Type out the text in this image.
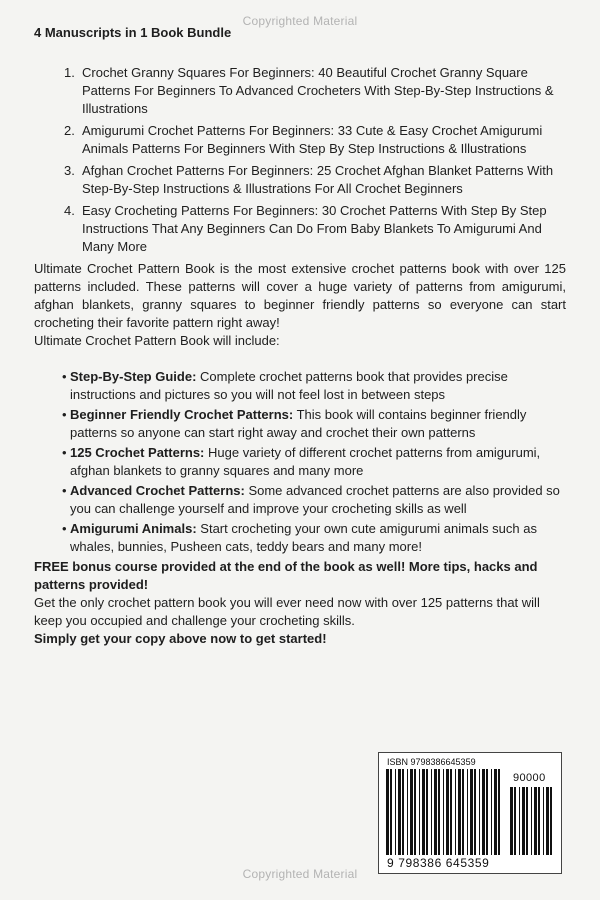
Copyrighted Material

4 Manuscripts in 1 Book Bundle

1. Crochet Granny Squares For Beginners: 40 Beautiful Crochet Granny Square Patterns For Beginners To Advanced Crocheters With Step-By-Step Instructions & Illustrations
2. Amigurumi Crochet Patterns For Beginners: 33 Cute & Easy Crochet Amigurumi Animals Patterns For Beginners With Step By Step Instructions & Illustrations
3. Afghan Crochet Patterns For Beginners: 25 Crochet Afghan Blanket Patterns With Step-By-Step Instructions & Illustrations For All Crochet Beginners
4. Easy Crocheting Patterns For Beginners: 30 Crochet Patterns With Step By Step Instructions That Any Beginners Can Do From Baby Blankets To Amigurumi And Many More

Ultimate Crochet Pattern Book is the most extensive crochet patterns book with over 125 patterns included. These patterns will cover a huge variety of patterns from amigurumi, afghan blankets, granny squares to beginner friendly patterns so everyone can start crocheting their favorite pattern right away!

Ultimate Crochet Pattern Book will include:

• Step-By-Step Guide: Complete crochet patterns book that provides precise instructions and pictures so you will not feel lost in between steps
• Beginner Friendly Crochet Patterns: This book will contains beginner friendly patterns so anyone can start right away and crochet their own patterns
• 125 Crochet Patterns: Huge variety of different crochet patterns from amigurumi, afghan blankets to granny squares and many more
• Advanced Crochet Patterns: Some advanced crochet patterns are also provided so you can challenge yourself and improve your crocheting skills as well
• Amigurumi Animals: Start crocheting your own cute amigurumi animals such as whales, bunnies, Pusheen cats, teddy bears and many more!

FREE bonus course provided at the end of the book as well! More tips, hacks and patterns provided!

Get the only crochet pattern book you will ever need now with over 125 patterns that will keep you occupied and challenge your crocheting skills.

Simply get your copy above now to get started!

ISBN 9798386645359
90000
9 798386 645359
Copyrighted Material
